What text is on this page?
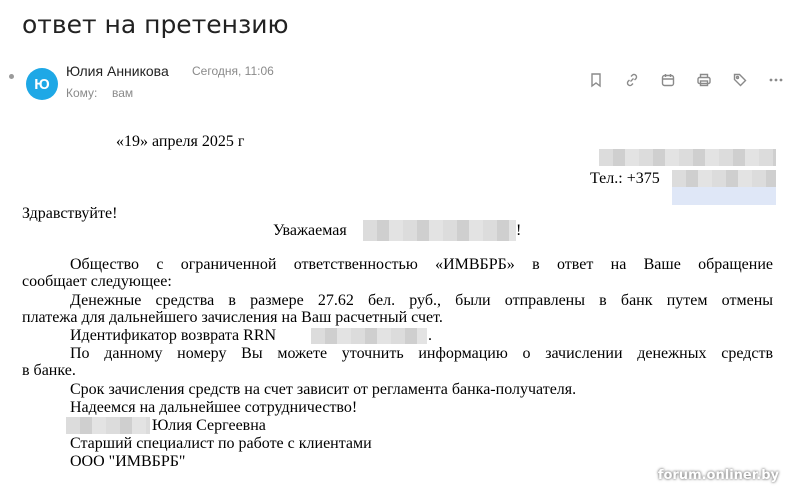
ответ на претензию
Ю
Юлия Анникова Сегодня, 11:06
Кому: вам
«19» апреля 2025 г
Тел.: +375
Здравствуйте!
Уважаемая	!
Общество с ограниченной ответственностью «ИМВБРБ» в ответ на Ваше обращение
сообщает следующее:
Денежные средства в размере 27.62 бел. руб., были отправлены в банк путем отмены
платежа для дальнейшего зачисления на Ваш расчетный счет.
Идентификатор возврата RRN	.
По данному номеру Вы можете уточнить информацию о зачислении денежных средств
в банке.
Срок зачисления средств на счет зависит от регламента банка-получателя.
Надеемся на дальнейшее сотрудничество!
Юлия Сергеевна
Старший специалист по работе с клиентами
ООО "ИМВБРБ"
forum.onliner.by
